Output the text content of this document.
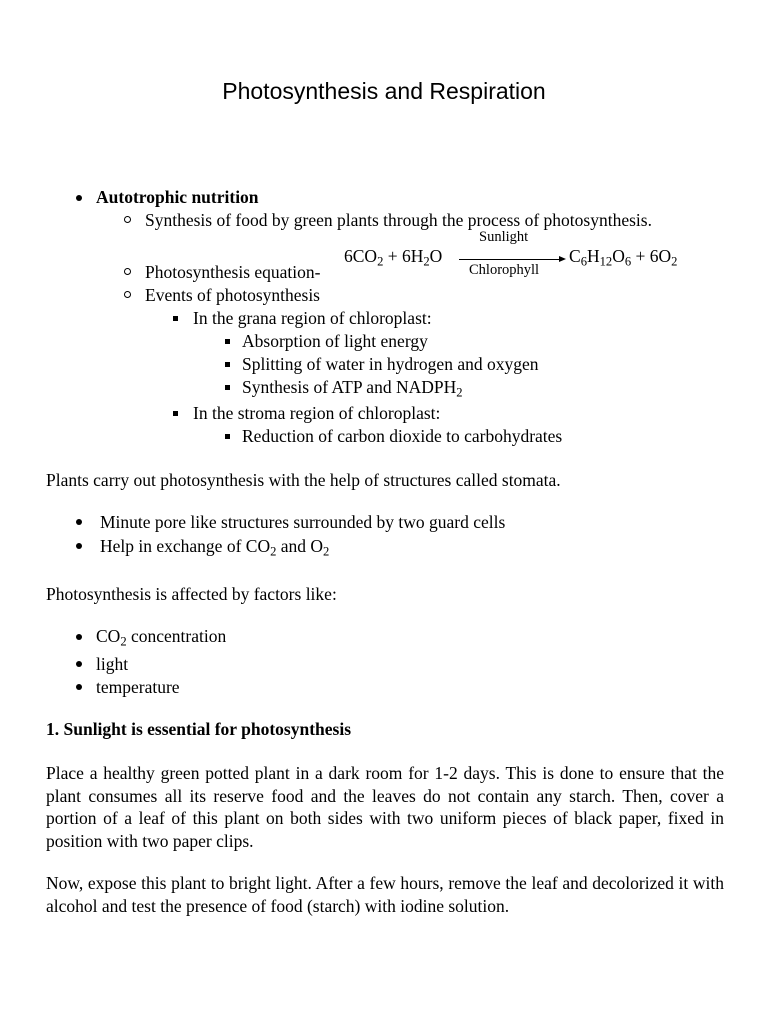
Photosynthesis and Respiration
Autotrophic nutrition
Synthesis of food by green plants through the process of photosynthesis.
$6CO_2 + 6H_2O$
Sunlight
Chlorophyll
$C_6H_{12}O_6 + 6O_2$
Photosynthesis equation-
Events of photosynthesis
In the grana region of chloroplast:
Absorption of light energy
Splitting of water in hydrogen and oxygen
Synthesis of ATP and $NADPH_2$
In the stroma region of chloroplast:
Reduction of carbon dioxide to carbohydrates
Plants carry out photosynthesis with the help of structures called stomata.
Minute pore like structures surrounded by two guard cells
Help in exchange of $CO_2$ and $O_2$
Photosynthesis is affected by factors like:
$CO_2$ concentration
light
temperature
1. Sunlight is essential for photosynthesis
Place a healthy green potted plant in a dark room for 1-2 days. This is done to ensure that the plant consumes all its reserve food and the leaves do not contain any starch. Then, cover a portion of a leaf of this plant on both sides with two uniform pieces of black paper, fixed in position with two paper clips.
Now, expose this plant to bright light. After a few hours, remove the leaf and decolorized it with alcohol and test the presence of food (starch) with iodine solution.
